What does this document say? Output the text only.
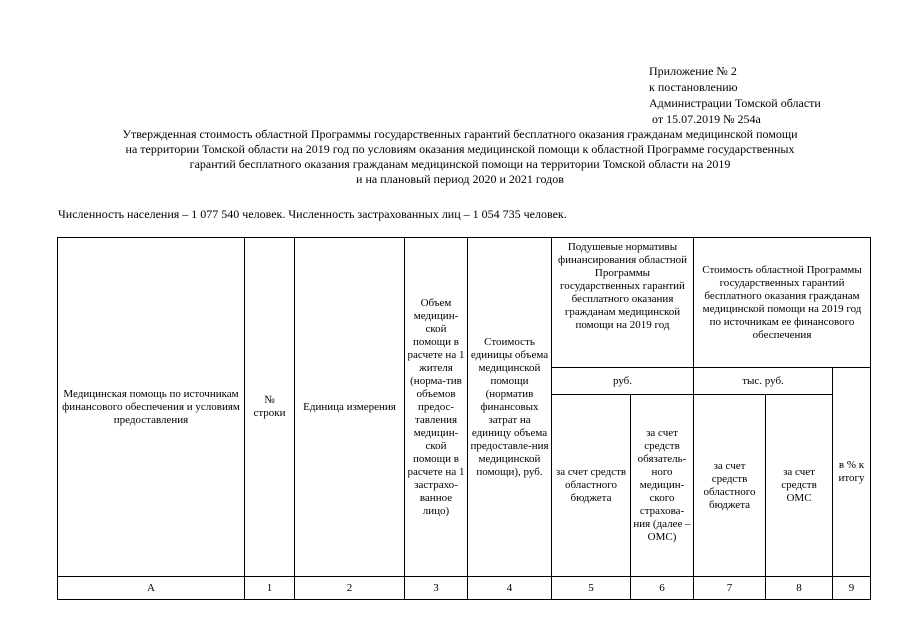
Приложение № 2
к постановлению
Администрации Томской области
от 15.07.2019 № 254а
Утвержденная стоимость областной Программы государственных гарантий бесплатного оказания гражданам медицинской помощи
на территории Томской области на 2019 год по условиям оказания медицинской помощи к областной Программе государственных
гарантий бесплатного оказания гражданам медицинской помощи на территории Томской области на 2019
и на плановый период 2020 и 2021 годов
Численность населения – 1 077 540 человек. Численность застрахованных лиц – 1 054 735 человек.
Медицинская помощь по источникам финансового обеспечения и условиям предоставления	№ строки	Единица измерения	Объем медицин-ской помощи в расчете на 1 жителя (норма-тив объемов предос-тавления медицин-ской помощи в расчете на 1 застрахо-ванное лицо)	Стоимость единицы объема медицинской помощи (норматив финансовых затрат на единицу объема предоставле-ния медицинской помощи), руб.	Подушевые нормативы финансирования областной Программы государственных гарантий бесплатного оказания гражданам медицинской помощи на 2019 год		Стоимость областной Программы государственных гарантий бесплатного оказания гражданам медицинской помощи на 2019 год по источникам ее финансового обеспечения		
					руб.		тыс. руб.		в % к итогу
					за счет средств областного бюджета	за счет средств обязатель-ного медицин-ского страхова-ния (далее – ОМС)	за счет средств областного бюджета	за счет средств ОМС	
А	1	2	3	4	5	6	7	8	9
